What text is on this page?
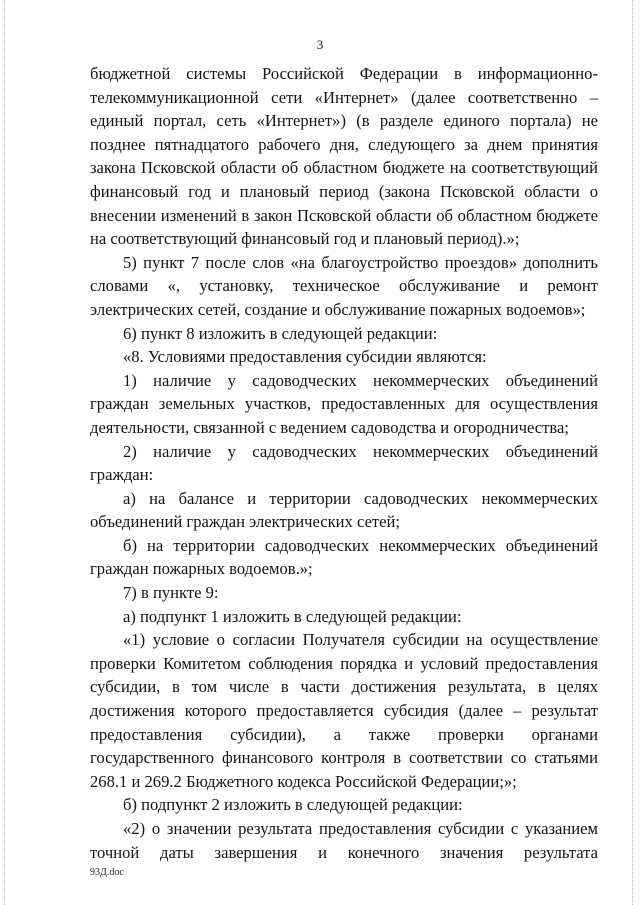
3

бюджетной системы Российской Федерации в информационно-телекоммуникационной сети «Интернет» (далее соответственно – единый портал, сеть «Интернет») (в разделе единого портала) не позднее пятнадцатого рабочего дня, следующего за днем принятия закона Псковской области об областном бюджете на соответствующий финансовый год и плановый период (закона Псковской области о внесении изменений в закон Псковской области об областном бюджете на соответствующий финансовый год и плановый период).»;

5) пункт 7 после слов «на благоустройство проездов» дополнить словами «, установку, техническое обслуживание и ремонт электрических сетей, создание и обслуживание пожарных водоемов»;

6) пункт 8 изложить в следующей редакции:

«8. Условиями предоставления субсидии являются:

1) наличие у садоводческих некоммерческих объединений граждан земельных участков, предоставленных для осуществления деятельности, связанной с ведением садоводства и огородничества;

2) наличие у садоводческих некоммерческих объединений граждан:

а) на балансе и территории садоводческих некоммерческих объединений граждан электрических сетей;

б) на территории садоводческих некоммерческих объединений граждан пожарных водоемов.»;

7) в пункте 9:

а) подпункт 1 изложить в следующей редакции:

«1) условие о согласии Получателя субсидии на осуществление проверки Комитетом соблюдения порядка и условий предоставления субсидии, в том числе в части достижения результата, в целях достижения которого предоставляется субсидия (далее – результат предоставления субсидии), а также проверки органами государственного финансового контроля в соответствии со статьями 268.1 и 269.2 Бюджетного кодекса Российской Федерации;»;

б) подпункт 2 изложить в следующей редакции:

«2) о значении результата предоставления субсидии с указанием точной даты завершения и конечного значения результата

93Д.doc
